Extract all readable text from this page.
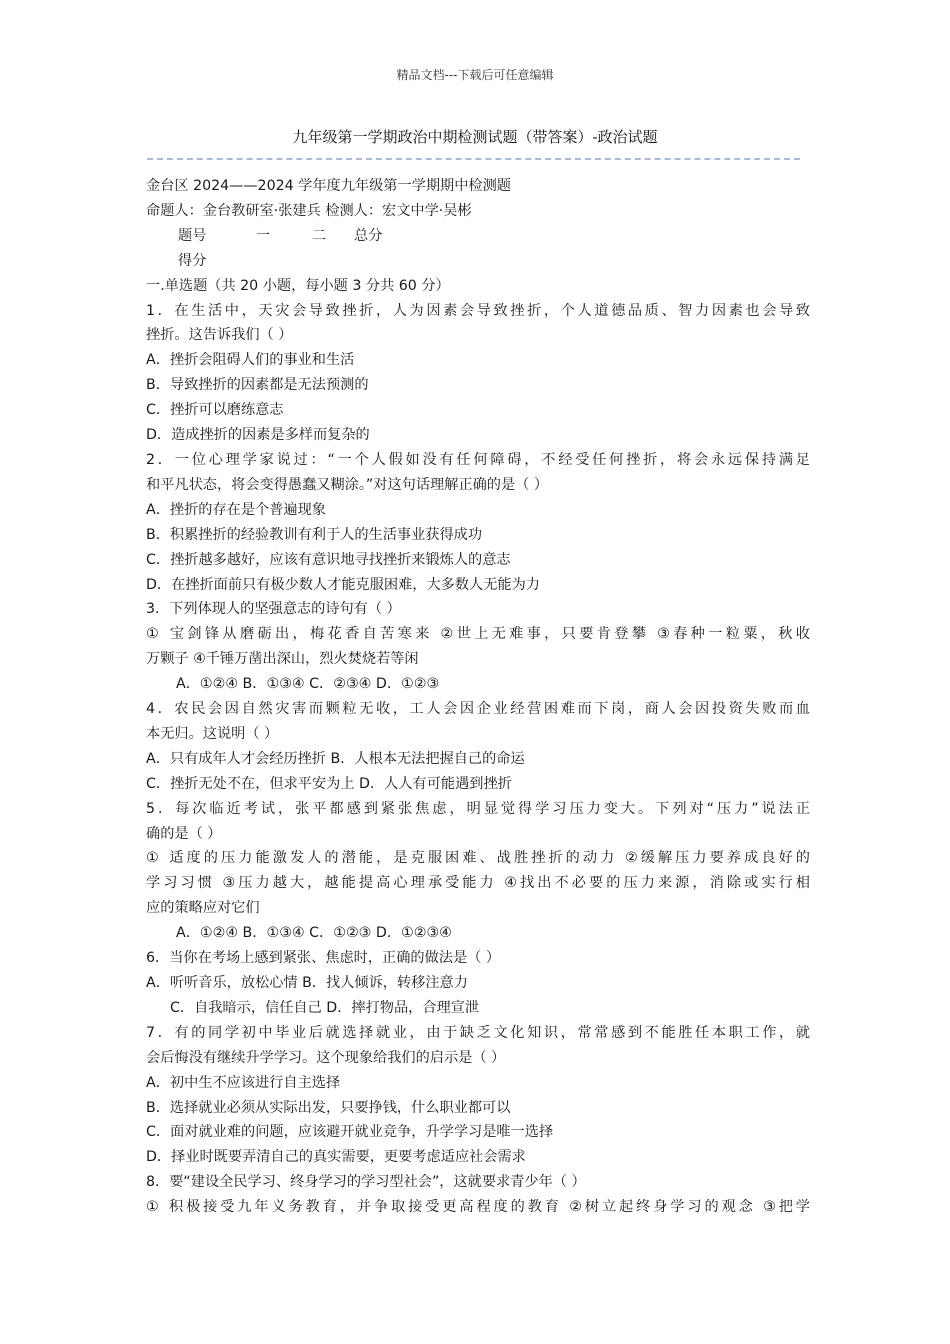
精品文档---下载后可任意编辑
九年级第一学期政治中期检测试题（带答案）-政治试题
金台区 2024——2024 学年度九年级第一学期期中检测题
命题人：金台教研室·张建兵 检测人：宏文中学·吴彬
题号	一	二 总分
得分
一.单选题（共 20 小题，每小题 3 分共 60 分）
1．在生活中，天灾会导致挫折，人为因素会导致挫折，个人道德品质、智力因素也会导致
挫折。这告诉我们（ ）
A．挫折会阻碍人们的事业和生活
B．导致挫折的因素都是无法预测的
C．挫折可以磨练意志
D．造成挫折的因素是多样而复杂的
2．一位心理学家说过：“一个人假如没有任何障碍，不经受任何挫折，将会永远保持满足
和平凡状态，将会变得愚蠢又糊涂。”对这句话理解正确的是（ ）
A．挫折的存在是个普遍现象
B．积累挫折的经验教训有利于人的生活事业获得成功
C．挫折越多越好，应该有意识地寻找挫折来锻炼人的意志
D．在挫折面前只有极少数人才能克服困难，大多数人无能为力
3．下列体现人的坚强意志的诗句有（ ）
① 宝剑锋从磨砺出，梅花香自苦寒来 ②世上无难事，只要肯登攀 ③春种一粒粟，秋收
万颗子 ④千锤万凿出深山，烈火焚烧若等闲
A．①②④ B．①③④ C．②③④ D．①②③
4．农民会因自然灾害而颗粒无收，工人会因企业经营困难而下岗，商人会因投资失败而血
本无归。这说明（ ）
A．只有成年人才会经历挫折 B．人根本无法把握自己的命运
C．挫折无处不在，但求平安为上 D．人人有可能遇到挫折
5．每次临近考试，张平都感到紧张焦虑，明显觉得学习压力变大。下列对“压力”说法正
确的是（ ）
① 适度的压力能激发人的潜能，是克服困难、战胜挫折的动力 ②缓解压力要养成良好的
学习习惯 ③压力越大，越能提高心理承受能力 ④找出不必要的压力来源，消除或实行相
应的策略应对它们
A．①②④ B．①③④ C．①②③ D．①②③④
6．当你在考场上感到紧张、焦虑时，正确的做法是（ ）
A．听听音乐，放松心情 B．找人倾诉，转移注意力
C．自我暗示，信任自己 D．摔打物品，合理宣泄
7．有的同学初中毕业后就选择就业，由于缺乏文化知识，常常感到不能胜任本职工作，就
会后悔没有继续升学学习。这个现象给我们的启示是（ ）
A．初中生不应该进行自主选择
B．选择就业必须从实际出发，只要挣钱，什么职业都可以
C．面对就业难的问题，应该避开就业竞争，升学学习是唯一选择
D．择业时既要弄清自己的真实需要，更要考虑适应社会需求
8．要“建设全民学习、终身学习的学习型社会”，这就要求青少年（ ）
① 积极接受九年义务教育，并争取接受更高程度的教育 ②树立起终身学习的观念 ③把学
